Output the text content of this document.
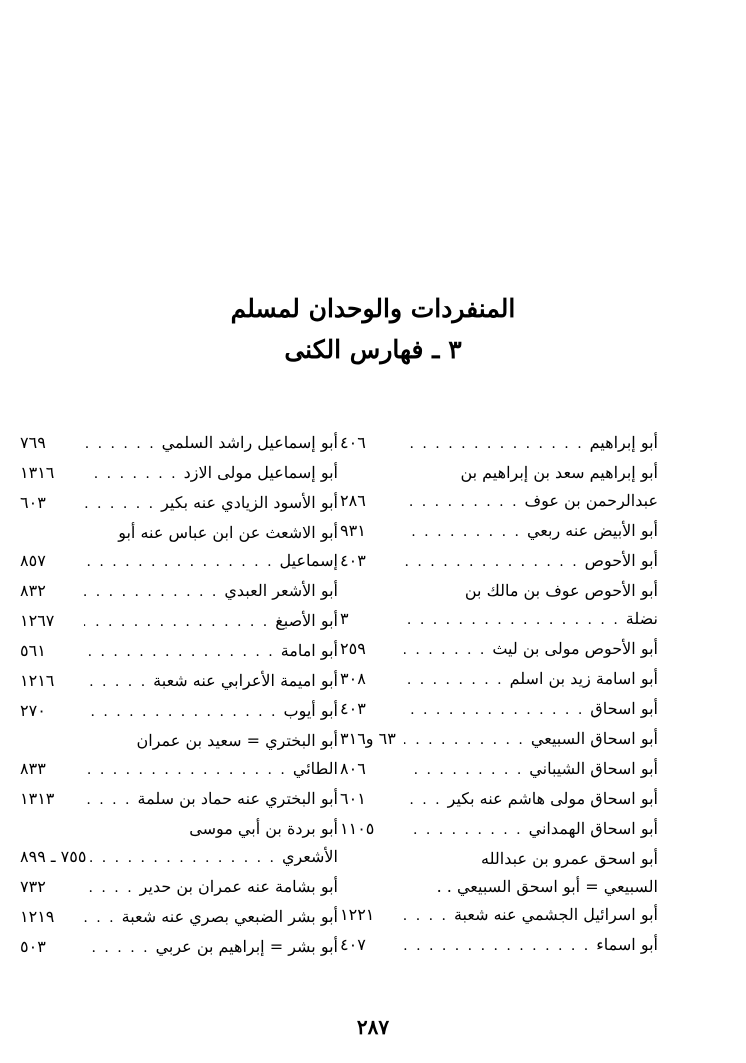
المنفردات والوحدان لمسلم
٣ ـ فهارس الكنى
أبو إبراهيم
. . .
٤٠٦
أبو إبراهيم سعد بن إبراهيم بن
عبدالرحمن بن عوف
. . .
٢٨٦
أبو الأبيض عنه ربعي
. . .
٩٣١
أبو الأحوص
. . .
٤٠٣
أبو الأحوص عوف بن مالك بن
نضلة
. . .
٣
أبو الأحوص مولى بن ليث
. . .
٢٥٩
أبو اسامة زيد بن اسلم
. . .
٣٠٨
أبو اسحاق
. . .
٤٠٣
أبو اسحاق السبيعي
. . .
٦٣ و٣١٦
أبو اسحاق الشيباني
. . .
٨٠٦
أبو اسحاق مولى هاشم عنه بكير
. . .
٦٠١
أبو اسحاق الهمداني
. . .
١١٠٥
أبو اسحق عمرو بن عبدالله
السبيعي = أبو اسحق السبيعي . .
أبو اسرائيل الجشمي عنه شعبة
. . .
١٢٢١
أبو اسماء
. . .
٤٠٧
أبو إسماعيل راشد السلمي
. . .
٧٦٩
أبو إسماعيل مولى الازد
. . .
١٣١٦
أبو الأسود الزيادي عنه بكير
. . .
٦٠٣
أبو الاشعث عن ابن عباس عنه أبو
إسماعيل
. . .
٨٥٧
أبو الأشعر العبدي
. . .
٨٣٢
أبو الأصبغ
. . .
١٢٦٧
أبو امامة
. . .
٥٦١
أبو اميمة الأعرابي عنه شعبة
. . .
١٢١٦
أبو أيوب
. . .
٢٧٠
أبو البختري = سعيد بن عمران
الطائي
. . .
٨٣٣
أبو البختري عنه حماد بن سلمة
. . .
١٣١٣
أبو بردة بن أبي موسى
الأشعري
. . .
٧٥٥ ـ ٨٩٩
أبو بشامة عنه عمران بن حدير
. . .
٧٣٢
أبو بشر الضبعي بصري عنه شعبة
. . .
١٢١٩
أبو بشر = إبراهيم بن عربي
. . .
٥٠٣
٢٨٧
